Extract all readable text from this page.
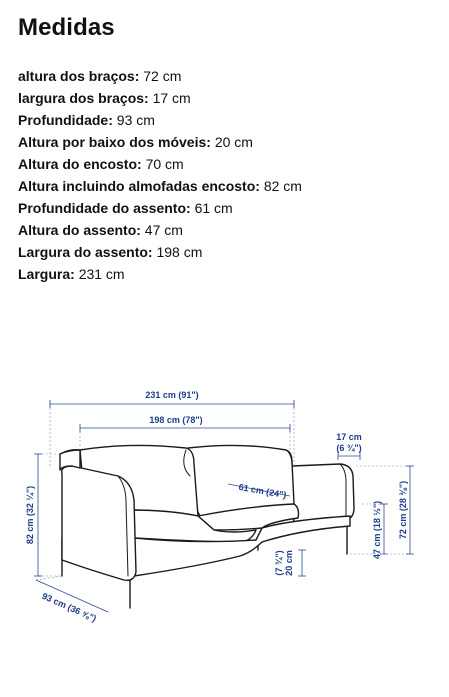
Medidas
altura dos braços: 72 cm
largura dos braços: 17 cm
Profundidade: 93 cm
Altura por baixo dos móveis: 20 cm
Altura do encosto: 70 cm
Altura incluindo almofadas encosto: 82 cm
Profundidade do assento: 61 cm
Altura do assento: 47 cm
Largura do assento: 198 cm
Largura: 231 cm
231 cm (91")
198 cm (78")
17 cm
(6 ¾")
61 cm (24")
82 cm (32 ¼")
20 cm
(7 ¾")
47 cm (18 ½") 72 cm (28 ⅜")
93 cm (36 ⅝")
